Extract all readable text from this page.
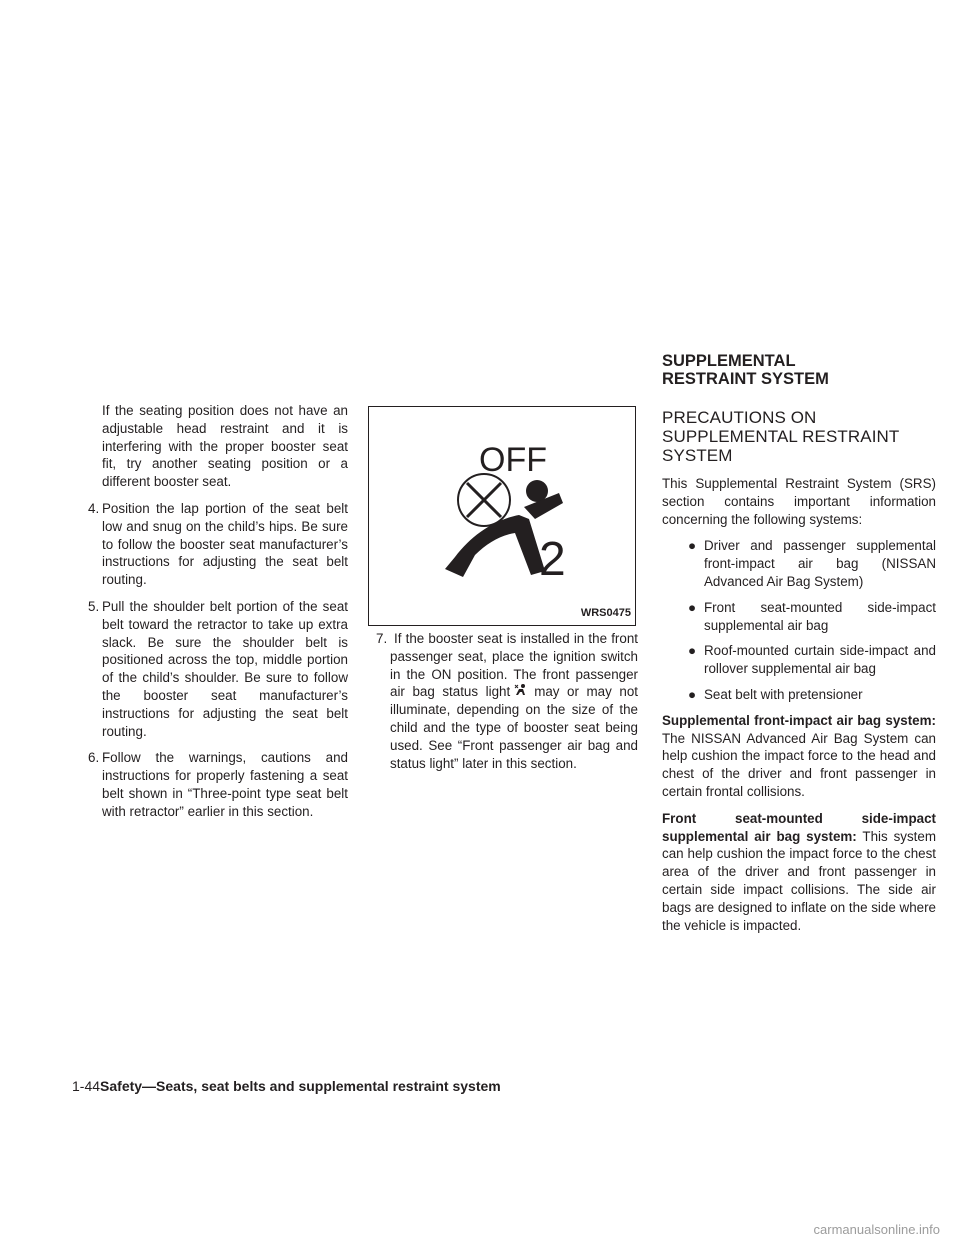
If the seating position does not have an adjustable head restraint and it is interfering with the proper booster seat fit, try another seating position or a different booster seat.

4. Position the lap portion of the seat belt low and snug on the child’s hips. Be sure to follow the booster seat manufacturer’s instructions for adjusting the seat belt routing.

5. Pull the shoulder belt portion of the seat belt toward the retractor to take up extra slack. Be sure the shoulder belt is positioned across the top, middle portion of the child’s shoulder. Be sure to follow the booster seat manufacturer’s instructions for adjusting the seat belt routing.

6. Follow the warnings, cautions and instructions for properly fastening a seat belt shown in “Three-point type seat belt with retractor” earlier in this section.

OFF
2
WRS0475

7. If the booster seat is installed in the front passenger seat, place the ignition switch in the ON position. The front passenger air bag status light may or may not illuminate, depending on the size of the child and the type of booster seat being used. See “Front passenger air bag and status light” later in this section.

SUPPLEMENTAL RESTRAINT SYSTEM
PRECAUTIONS ON SUPPLEMENTAL RESTRAINT SYSTEM

This Supplemental Restraint System (SRS) section contains important information concerning the following systems:

● Driver and passenger supplemental front-impact air bag (NISSAN Advanced Air Bag System)
● Front seat-mounted side-impact supplemental air bag
● Roof-mounted curtain side-impact and rollover supplemental air bag
● Seat belt with pretensioner

Supplemental front-impact air bag system: The NISSAN Advanced Air Bag System can help cushion the impact force to the head and chest of the driver and front passenger in certain frontal collisions.

Front seat-mounted side-impact supplemental air bag system: This system can help cushion the impact force to the chest area of the driver and front passenger in certain side impact collisions. The side air bags are designed to inflate on the side where the vehicle is impacted.

1-44Safety—Seats, seat belts and supplemental restraint system
carmanualsonline.info
